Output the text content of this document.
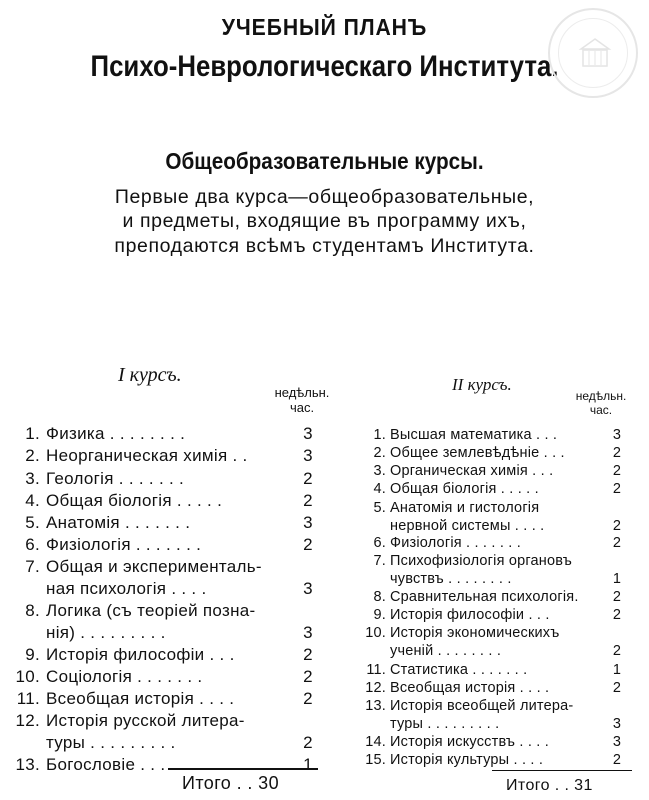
УЧЕБНЫЙ ПЛАНЪ
Психо-Неврологическаго Института.
Общеобразовательные курсы.
Первые два курса—общеобразовательные,
и предметы, входящие въ программу ихъ,
преподаются всѣмъ студентамъ Института.
I курсъ.
недѣльн.
час.
1. Физика . . . . . . . .	3
2. Неорганическая химія . .	3
3. Геологія . . . . . . .	2
4. Общая біологія . . . . .	2
5. Анатомія . . . . . . .	3
6. Физіологія . . . . . . .	2
7. Общая и эксперименталь-
ная психологія . . . .	3
8. Логика (съ теоріей позна-
нія) . . . . . . . . .	3
9. Исторія философіи . . .	2
10. Соціологія . . . . . . .	2
11. Всеобщая исторія . . . .	2
12. Исторія русской литера-
туры . . . . . . . . .	2
13. Богословіе . . . . . . .	1
Итого . . 30
II курсъ.
недѣльн.
час.
1. Высшая математика . . .	3
2. Общее землевѣдѣніе . . .	2
3. Органическая химія . . .	2
4. Общая біологія . . . . .	2
5. Анатомія и гистологія
нервной системы . . . .	2
6. Физіологія . . . . . . .	2
7. Психофизіологія органовъ
чувствъ . . . . . . . .	1
8. Сравнительная психологія.	2
9. Исторія философіи . . .	2
10. Исторія экономическихъ
ученій . . . . . . . .	2
11. Статистика . . . . . . .	1
12. Всеобщая исторія . . . .	2
13. Исторія всеобщей литера-
туры . . . . . . . . .	3
14. Исторія искусствъ . . . .	3
15. Исторія культуры . . . .	2
Итого . . 31
